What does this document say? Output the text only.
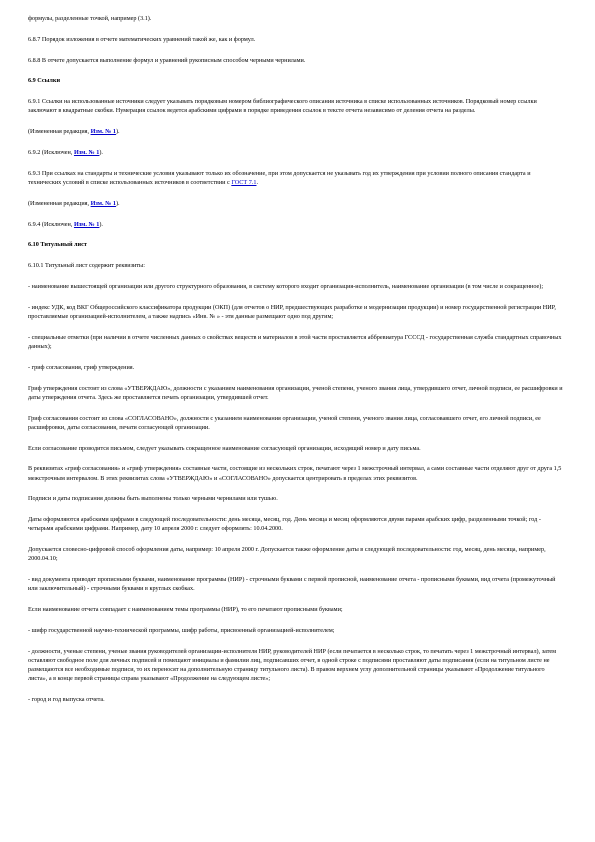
формулы, разделенные точкой, например (3.1).

6.8.7 Порядок изложения в отчете математических уравнений такой же, как и формул.

6.8.8 В отчете допускается выполнение формул и уравнений рукописным способом черными чернилами.

6.9 Ссылки

6.9.1 Ссылки на использованные источники следует указывать порядковым номером библиографического описания источника в списке использованных источников. Порядковый номер ссылки заключают в квадратные скобки. Нумерация ссылок ведется арабскими цифрами в порядке приведения ссылок в тексте отчета независимо от деления отчета на разделы.

(Измененная редакция, Изм. № 1).

6.9.2 (Исключен, Изм. № 1).

6.9.3 При ссылках на стандарты и технические условия указывают только их обозначение, при этом допускается не указывать год их утверждения при условии полного описания стандарта и технических условий в списке использованных источников в соответствии с ГОСТ 7.1.

(Измененная редакция, Изм. № 1).

6.9.4 (Исключен, Изм. № 1).

6.10 Титульный лист

6.10.1 Титульный лист содержит реквизиты:

- наименование вышестоящей организации или другого структурного образования, в систему которого входит организация-исполнитель, наименование организации (в том числе и сокращенное);

- индекс УДК, код ВКГ Общероссийского классификатора продукции (ОКП) (для отчетов о НИР, предшествующих разработке и модернизации продукции) и номер государственной регистрации НИР, проставляемые организацией-исполнителем, а также надпись «Инв. № » - эти данные размещают одно под другим;

- специальные отметки (при наличии в отчете численных данных о свойствах веществ и материалов в этой части проставляется аббревиатура ГСССД - государственная служба стандартных справочных данных);

- гриф согласования, гриф утверждения.

Гриф утверждения состоит из слова «УТВЕРЖДАЮ», должности с указанием наименования организации, ученой степени, ученого звания лица, утвердившего отчет, личной подписи, ее расшифровки и даты утверждения отчета. Здесь же проставляется печать организации, утвердившей отчет.

Гриф согласования состоит из слова «СОГЛАСОВАНО», должности с указанием наименования организации, ученой степени, ученого звания лица, согласовавшего отчет, его личной подписи, ее расшифровки, даты согласования, печати согласующей организации.

Если согласование проводится письмом, следует указывать сокращенное наименование согласующей организации, исходящий номер и дату письма.

В реквизитах «гриф согласования» и «гриф утверждения» составные части, состоящие из нескольких строк, печатают через 1 межстрочный интервал, а сами составные части отделяют друг от друга 1,5 межстрочным интервалом. В этих реквизитах слова «УТВЕРЖДАЮ» и «СОГЛАСОВАНО» допускается центрировать в пределах этих реквизитов.

Подписи и даты подписания должны быть выполнены только черными чернилами или тушью.

Даты оформляются арабскими цифрами в следующей последовательности: день месяца, месяц, год. День месяца и месяц оформляются двумя парами арабских цифр, разделенными точкой; год - четырьмя арабскими цифрами. Например, дату 10 апреля 2000 г. следует оформлять: 10.04.2000.

Допускается словесно-цифровой способ оформления даты, например: 10 апреля 2000 г. Допускается также оформление даты в следующей последовательности: год, месяц, день месяца, например, 2000.04.10;

- вид документа приводят прописными буквами, наименование программы (НИР) - строчными буквами с первой прописной, наименование отчета - прописными буквами, вид отчета (промежуточный или заключительный) - строчными буквами в круглых скобках.

Если наименование отчета совпадает с наименованием темы программы (НИР), то его печатают прописными буквами;

- шифр государственной научно-технической программы, шифр работы, присвоенный организацией-исполнителем;

- должности, ученые степени, ученые звания руководителей организации-исполнителя НИР, руководителей НИР (если печатается в несколько строк, то печатать через 1 межстрочный интервал), затем оставляют свободное поле для личных подписей и помещают инициалы и фамилии лиц, подписавших отчет, в одной строке с подписями проставляют даты подписания (если на титульном листе не размещаются все необходимые подписи, то их переносят на дополнительную страницу титульного листа). В правом верхнем углу дополнительной страницы указывают «Продолжение титульного листа», а в конце первой страницы справа указывают «Продолжение на следующем листе»;

- город и год выпуска отчета.
